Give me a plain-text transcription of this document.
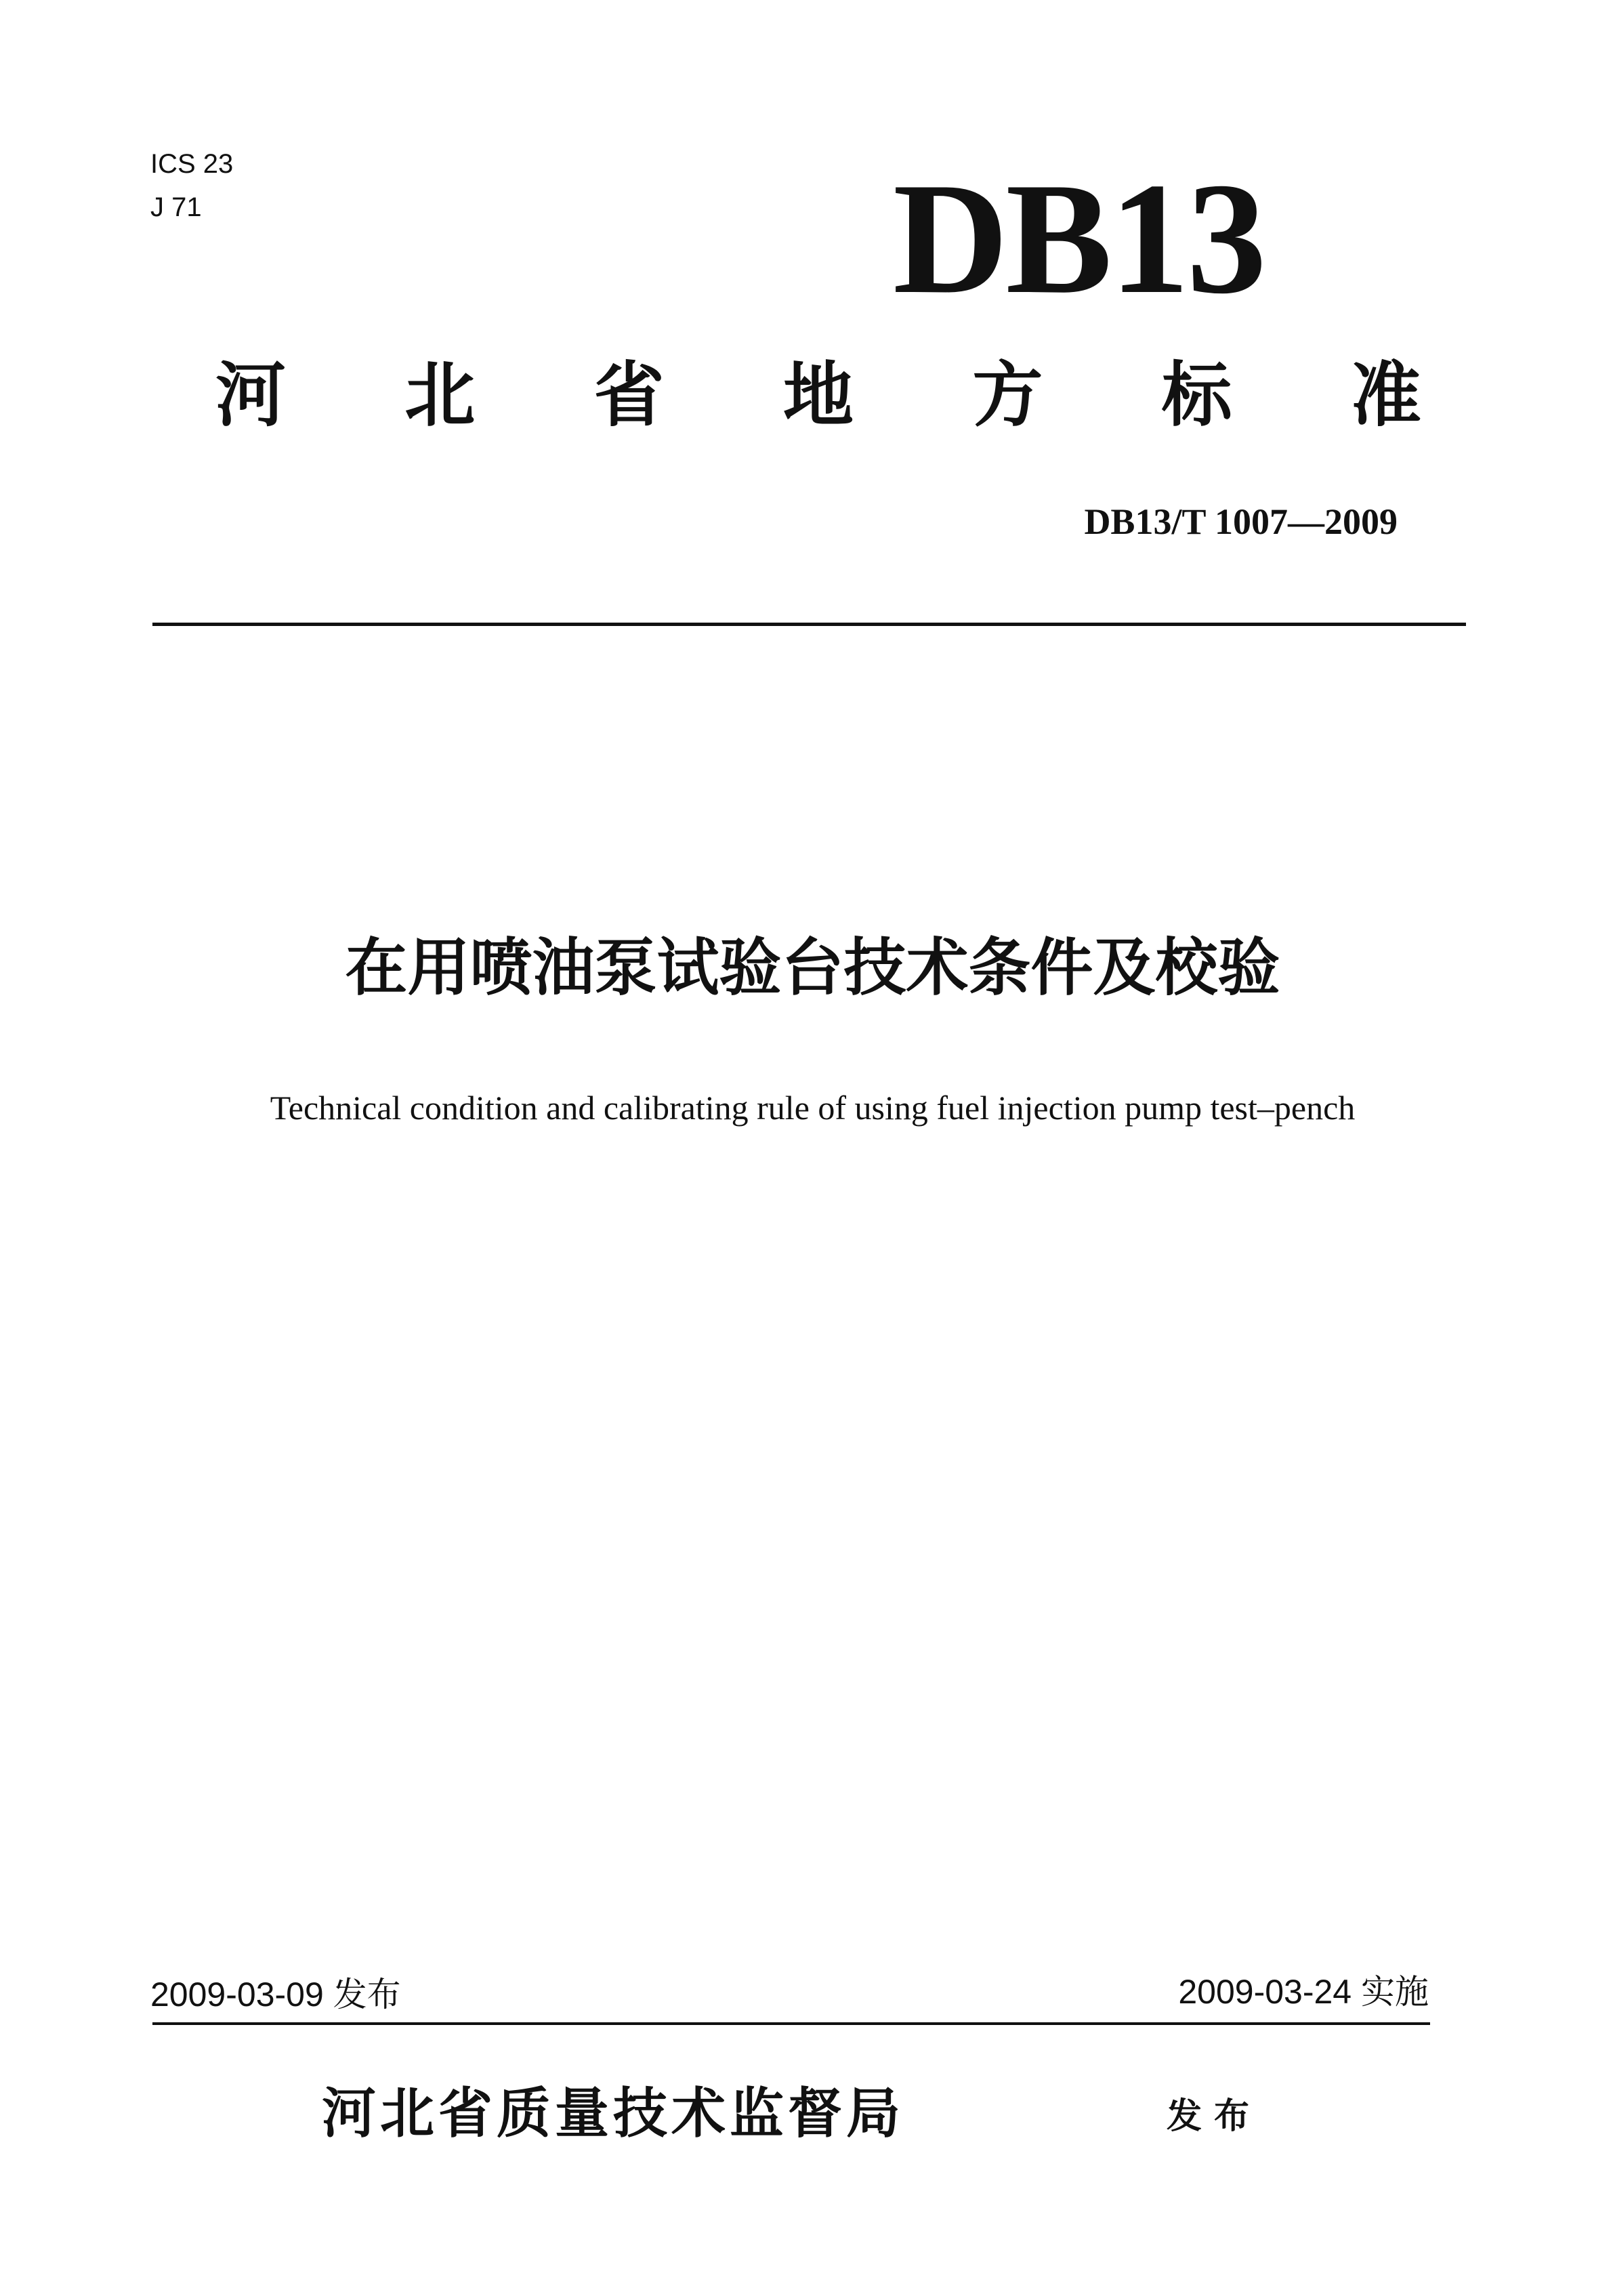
ICS 23
J 71	DB13
河 北 省 地 方 标 准
DB13/T 1007—2009
在用喷油泵试验台技术条件及校验
Technical condition and calibrating rule of using fuel injection pump test–pench
2009-03-09 发布	2009-03-24 实施
河北省质量技术监督局	发布
